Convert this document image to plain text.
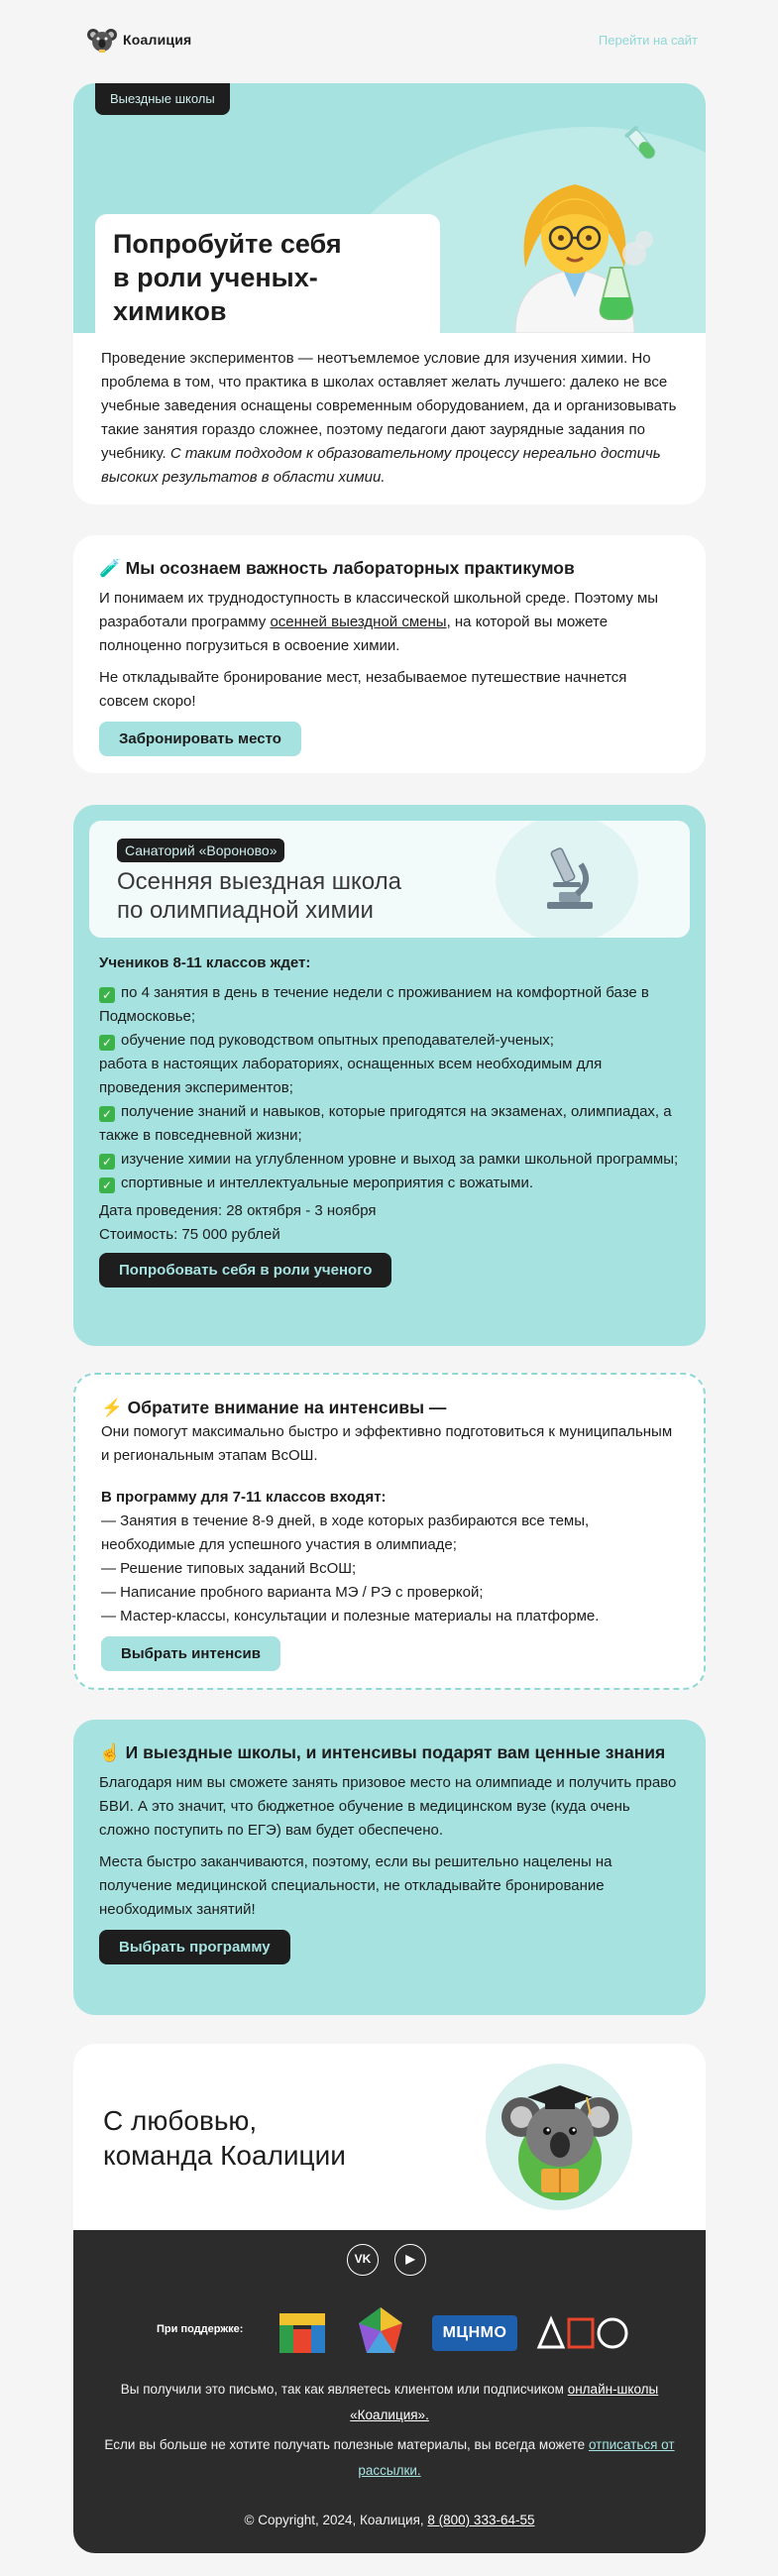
Коалиция	Перейти на сайт
Выездные школы
Попробуйте себя
в роли ученых-химиков
Проведение экспериментов — неотъемлемое условие для изучения химии. Но проблема в том, что практика в школах оставляет желать лучшего: далеко не все учебные заведения оснащены современным оборудованием, да и организовывать такие занятия гораздо сложнее, поэтому педагоги дают заурядные задания по учебнику. С таким подходом к образовательному процессу нереально достичь высоких результатов в области химии.
🧪 Мы осознаем важность лабораторных практикумов
И понимаем их труднодоступность в классической школьной среде. Поэтому мы разработали программу осенней выездной смены, на которой вы можете полноценно погрузиться в освоение химии.
Не откладывайте бронирование мест, незабываемое путешествие начнется совсем скоро!
Забронировать место
Санаторий «Вороново»
Осенняя выездная школа
по олимпиадной химии
Учеников 8-11 классов ждет:
✓ по 4 занятия в день в течение недели с проживанием на комфортной базе в Подмосковье;
✓ обучение под руководством опытных преподавателей-ученых;
работа в настоящих лабораториях, оснащенных всем необходимым для проведения экспериментов;
✓ получение знаний и навыков, которые пригодятся на экзаменах, олимпиадах, а также в повседневной жизни;
✓ изучение химии на углубленном уровне и выход за рамки школьной программы;
✓ спортивные и интеллектуальные мероприятия с вожатыми.
Дата проведения: 28 октября - 3 ноября
Стоимость: 75 000 рублей
Попробовать себя в роли ученого
⚡ Обратите внимание на интенсивы —
Они помогут максимально быстро и эффективно подготовиться к муниципальным и региональным этапам ВсОШ.
В программу для 7-11 классов входят:
— Занятия в течение 8-9 дней, в ходе которых разбираются все темы, необходимые для успешного участия в олимпиаде;
— Решение типовых заданий ВсОШ;
— Написание пробного варианта МЭ / РЭ с проверкой;
— Мастер-классы, консультации и полезные материалы на платформе.
Выбрать интенсив
☝️ И выездные школы, и интенсивы подарят вам ценные знания
Благодаря ним вы сможете занять призовое место на олимпиаде и получить право БВИ. А это значит, что бюджетное обучение в медицинском вузе (куда очень сложно поступить по ЕГЭ) вам будет обеспечено.
Места быстро заканчиваются, поэтому, если вы решительно нацелены на получение медицинской специальности, не откладывайте бронирование необходимых занятий!
Выбрать программу
С любовью,
команда Коалиции
VK	▶
При поддержке:	МЦНМО
Вы получили это письмо, так как являетесь клиентом или подписчиком онлайн-школы «Коалиция».
Если вы больше не хотите получать полезные материалы, вы всегда можете отписаться от рассылки.
© Copyright, 2024, Коалиция, 8 (800) 333-64-55
